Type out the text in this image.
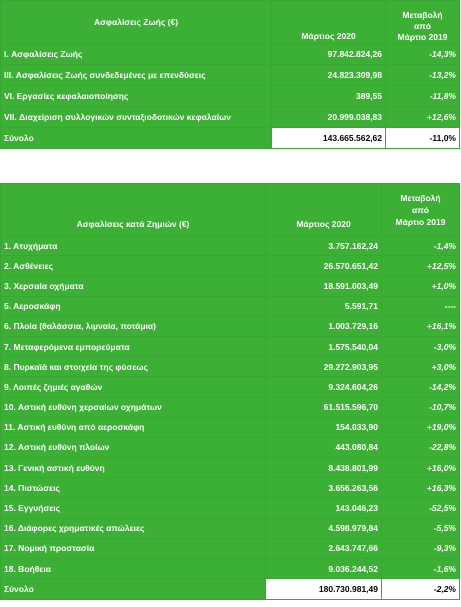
Ασφαλίσεις Ζωής (€)	Μάρτιος 2020	Μεταβολή
από
Μάρτιο 2019

I. Ασφαλίσεις Ζωής	97.842.824,26	-14,3%
III. Ασφαλίσεις Ζωής συνδεδεμένες με επενδύσεις	24.823.309,98	-13,2%
VI. Εργασίες κεφαλαιοποίησης	389,55	-11,8%
VII. Διαχείριση συλλογικών συνταξιοδοτικών κεφαλαίων	20.999.038,83	+12,6%
Σύνολο	143.665.562,62	-11,0%
Ασφαλίσεις κατά Ζημιών (€)	Μάρτιος 2020	Μεταβολή
από
Μάρτιο 2019

1. Ατυχήματα	3.757.162,24	-1,4%
2. Ασθένειες	26.570.651,42	+12,5%
3. Χερσαία οχήματα	18.591.003,49	+1,0%
5. Αεροσκάφη	5.591,71	----
6. Πλοία (θαλάσσια, λιμναία, ποτάμια)	1.003.729,16	+16,1%
7. Μεταφερόμενα εμπορεύματα	1.575.540,04	-3,0%
8. Πυρκαϊά και στοιχεία της φύσεως	29.272.903,95	+3,0%
9. Λοιπές ζημιές αγαθών	9.324.604,26	-14,2%
10. Αστική ευθύνη χερσαίων οχημάτων	61.515.596,70	-10,7%
11. Αστική ευθύνη από αεροσκάφη	154.033,90	+19,0%
12. Αστική ευθύνη πλοίων	443.080,84	-22,8%
13. Γενική αστική ευθύνη	8.438.801,99	+16,0%
14. Πιστώσεις	3.656.263,56	+16,3%
15. Εγγυήσεις	143.046,23	-52,5%
16. Διάφορες χρηματικές απώλειες	4.598.979,84	-5,5%
17. Νομική προστασία	2.643.747,66	-9,3%
18. Βοήθεια	9.036.244,52	-1,6%
Σύνολο	180.730.981,49	-2,2%
